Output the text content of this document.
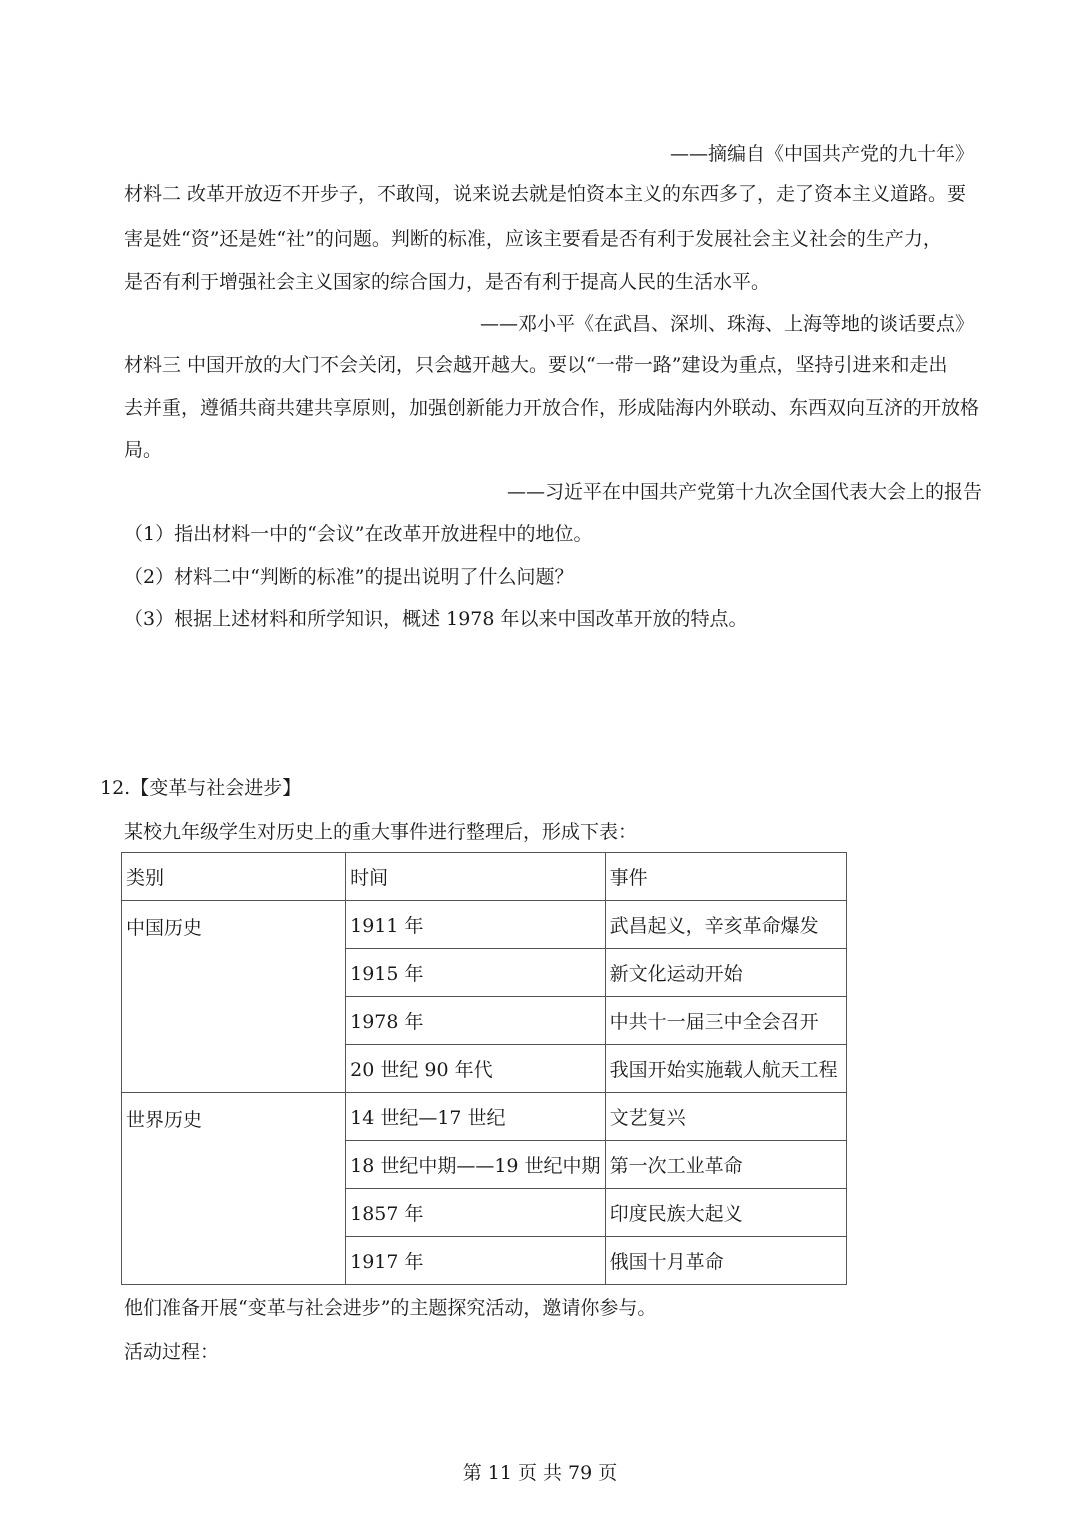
——摘编自《中国共产党的九十年》
材料二 改革开放迈不开步子，不敢闯，说来说去就是怕资本主义的东西多了，走了资本主义道路。要
害是姓“资”还是姓“社”的问题。判断的标准，应该主要看是否有利于发展社会主义社会的生产力，
是否有利于增强社会主义国家的综合国力，是否有利于提高人民的生活水平。
——邓小平《在武昌、深圳、珠海、上海等地的谈话要点》
材料三 中国开放的大门不会关闭，只会越开越大。要以“一带一路”建设为重点，坚持引进来和走出
去并重，遵循共商共建共享原则，加强创新能力开放合作，形成陆海内外联动、东西双向互济的开放格
局。
——习近平在中国共产党第十九次全国代表大会上的报告
（1）指出材料一中的“会议”在改革开放进程中的地位。
（2）材料二中“判断的标准”的提出说明了什么问题？
（3）根据上述材料和所学知识，概述 1978 年以来中国改革开放的特点。
12.【变革与社会进步】
某校九年级学生对历史上的重大事件进行整理后，形成下表：
类别	时间	事件
中国历史	1911 年	武昌起义，辛亥革命爆发
	1915 年	新文化运动开始
	1978 年	中共十一届三中全会召开
	20 世纪 90 年代	我国开始实施载人航天工程
世界历史	14 世纪—17 世纪	文艺复兴
	18 世纪中期——19 世纪中期	第一次工业革命
	1857 年	印度民族大起义
	1917 年	俄国十月革命
他们准备开展“变革与社会进步”的主题探究活动，邀请你参与。
活动过程：
第 11 页 共 79 页
